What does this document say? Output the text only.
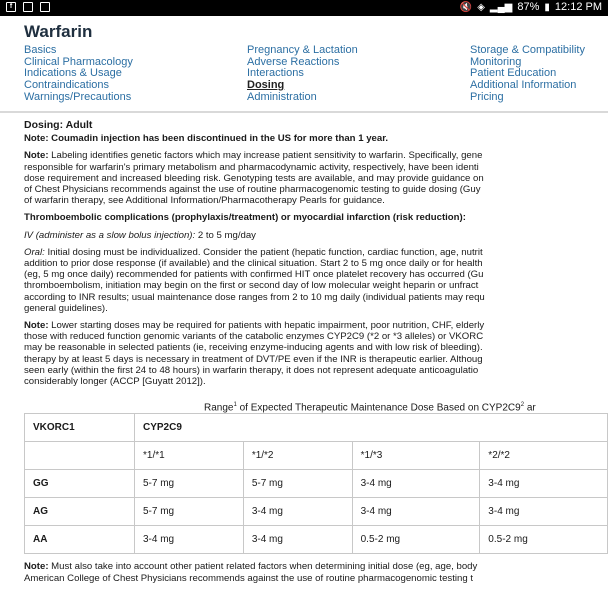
f	🔇 ◈ ▂▄▆ 87% ▮ 12:12 PM
Warfarin
Basics
Clinical Pharmacology
Indications & Usage
Contraindications
Warnings/Precautions
Pregnancy & Lactation
Adverse Reactions
Interactions
Dosing
Administration
Storage & Compatibility
Monitoring
Patient Education
Additional Information
Pricing

Dosing: Adult

Note: Coumadin injection has been discontinued in the US for more than 1 year.

Note: Labeling identifies genetic factors which may increase patient sensitivity to warfarin. Specifically, gene

responsible for warfarin's primary metabolism and pharmacodynamic activity, respectively, have been identi

dose requirement and increased bleeding risk. Genotyping tests are available, and may provide guidance on

of Chest Physicians recommends against the use of routine pharmacogenomic testing to guide dosing (Guy

of warfarin therapy, see Additional Information/Pharmacotherapy Pearls for guidance.

Thromboembolic complications (prophylaxis/treatment) or myocardial infarction (risk reduction):

IV (administer as a slow bolus injection): 2 to 5 mg/day

Oral: Initial dosing must be individualized. Consider the patient (hepatic function, cardiac function, age, nutrit

addition to prior dose response (if available) and the clinical situation. Start 2 to 5 mg once daily or for health

(eg, 5 mg once daily) recommended for patients with confirmed HIT once platelet recovery has occurred (Gu

thromboembolism, initiation may begin on the first or second day of low molecular weight heparin or unfract

according to INR results; usual maintenance dose ranges from 2 to 10 mg daily (individual patients may requ

general guidelines).

Note: Lower starting doses may be required for patients with hepatic impairment, poor nutrition, CHF, elderly

those with reduced function genomic variants of the catabolic enzymes CYP2C9 (*2 or *3 alleles) or VKORC

may be reasonable in selected patients (ie, receiving enzyme-inducing agents and with low risk of bleeding).

therapy by at least 5 days is necessary in treatment of DVT/PE even if the INR is therapeutic earlier. Althoug

seen early (within the first 24 to 48 hours) in warfarin therapy, it does not represent adequate anticoagulatio

considerably longer (ACCP [Guyatt 2012]).

Range$^1$ of Expected Therapeutic Maintenance Dose Based on $CYP2C9^2$ ar
VKORC1	CYP2C9			
	*1/*1	*1/*2	*1/*3	*2/*2
GG	5-7 mg	5-7 mg	3-4 mg	3-4 mg
AG	5-7 mg	3-4 mg	3-4 mg	3-4 mg
AA	3-4 mg	3-4 mg	0.5-2 mg	0.5-2 mg

Note: Must also take into account other patient related factors when determining initial dose (eg, age, body

American College of Chest Physicians recommends against the use of routine pharmacogenomic testing t
